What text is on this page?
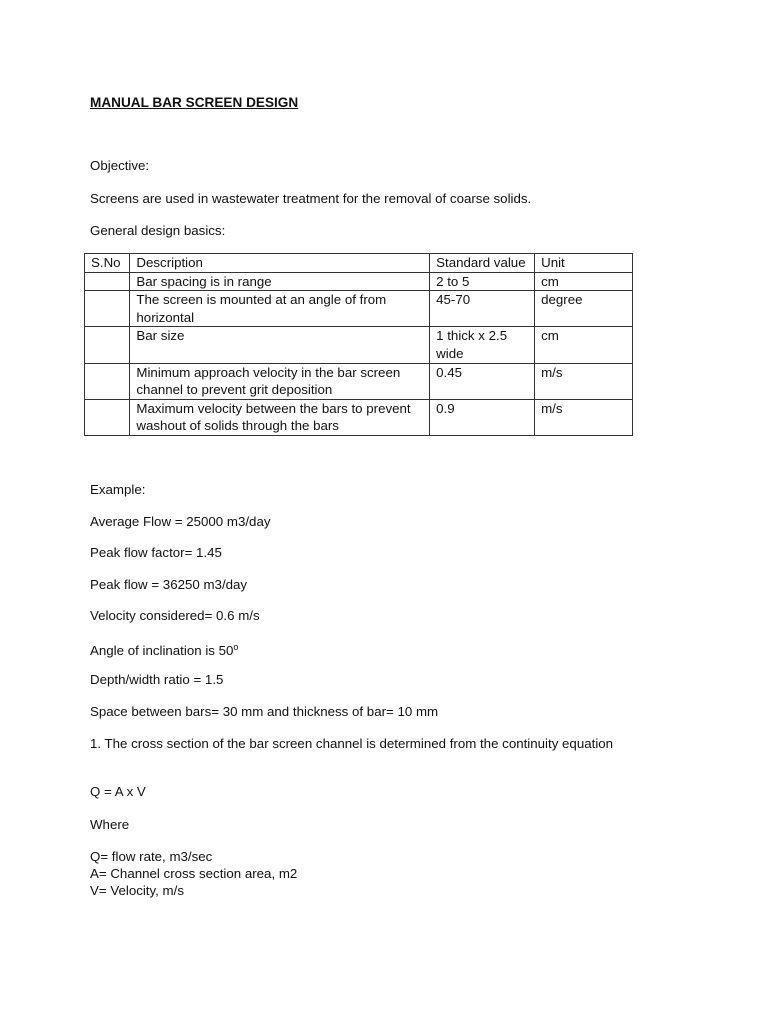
MANUAL BAR SCREEN DESIGN
Objective:
Screens are used in wastewater treatment for the removal of coarse solids.
General design basics:
S.No	Description	Standard value	Unit
	Bar spacing is in range	2 to 5	cm
	The screen is mounted at an angle of from horizontal	45-70	degree
	Bar size	1 thick x 2.5 wide	cm
	Minimum approach velocity in the bar screen channel to prevent grit deposition	0.45	m/s
	Maximum velocity between the bars to prevent washout of solids through the bars	0.9	m/s
Example:
Average Flow = 25000 m3/day
Peak flow factor= 1.45
Peak flow = 36250 m3/day
Velocity considered= 0.6 m/s
Angle of inclination is 50$^o$
Depth/width ratio = 1.5
Space between bars= 30 mm and thickness of bar= 10 mm
1. The cross section of the bar screen channel is determined from the continuity equation
Q = A x V
Where
Q= flow rate, m3/sec
A= Channel cross section area, m2
V= Velocity, m/s
